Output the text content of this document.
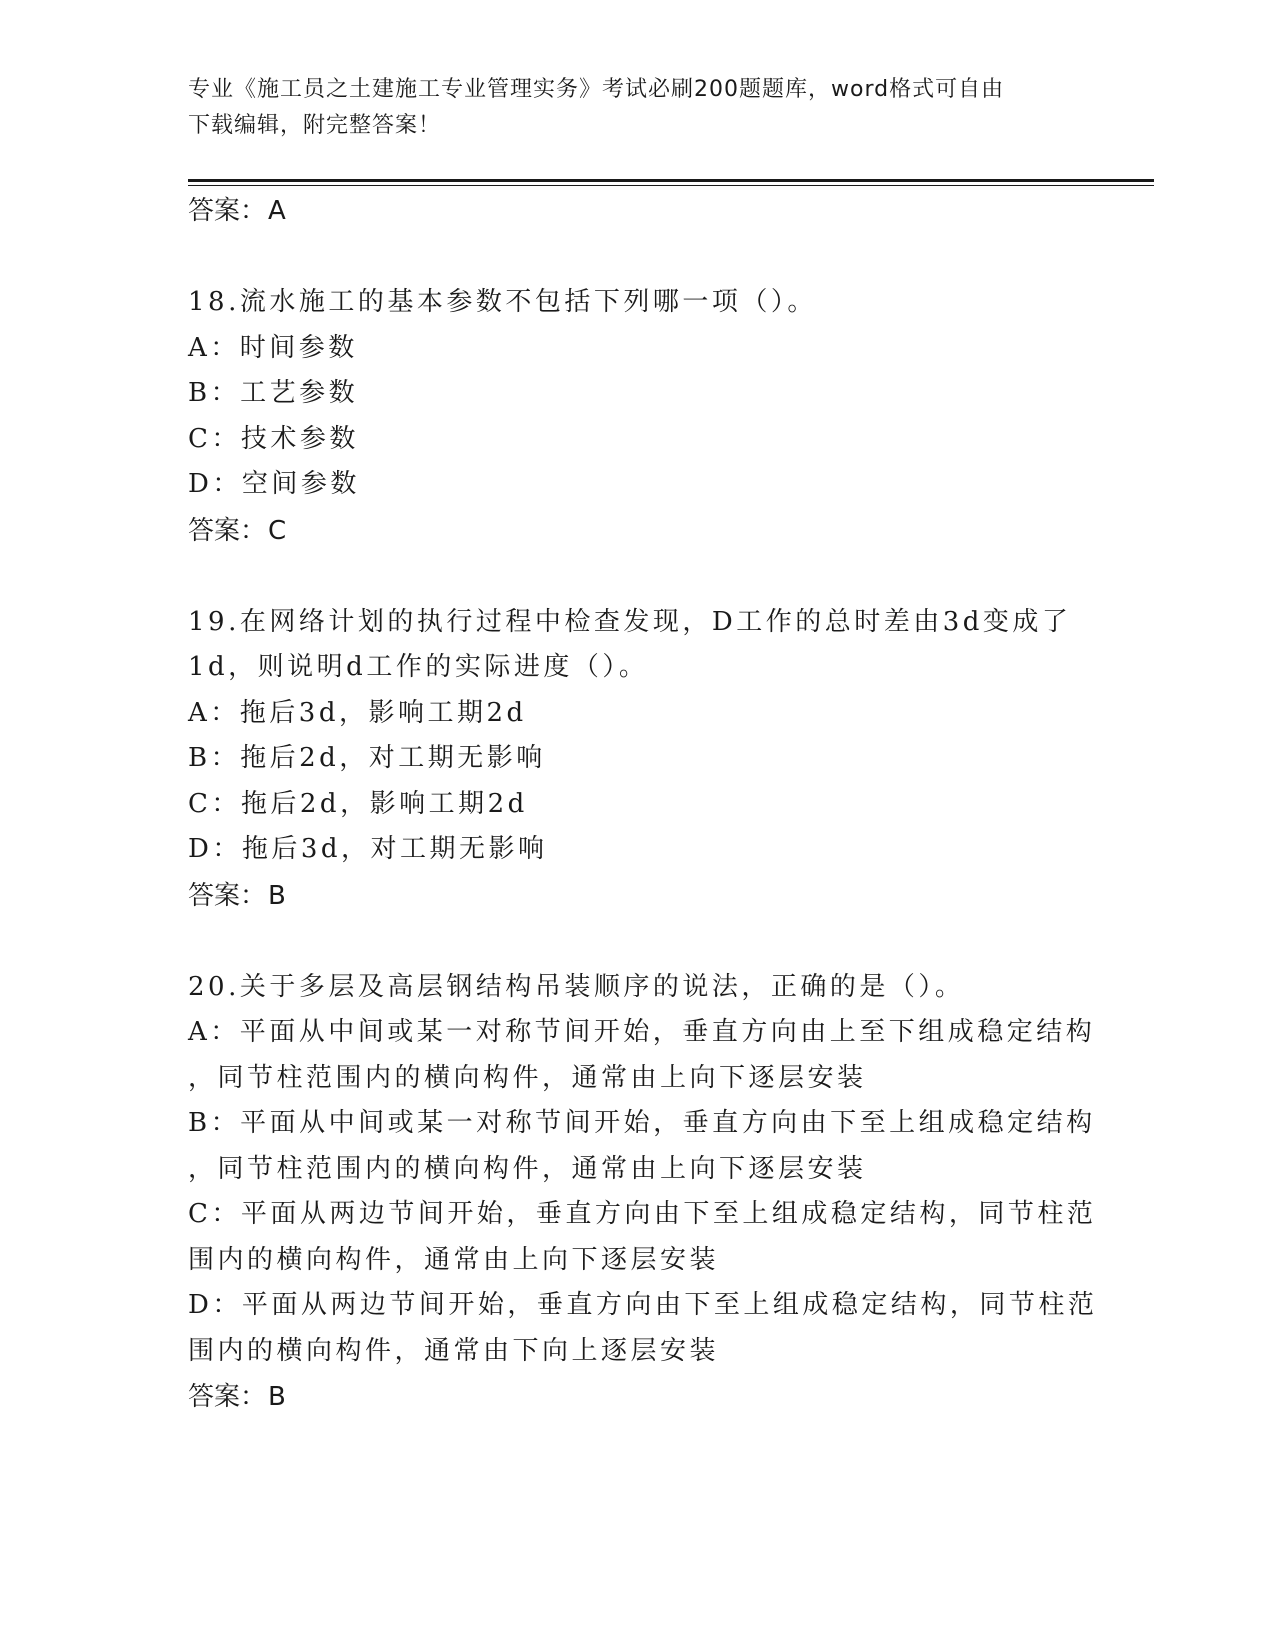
专业《施工员之土建施工专业管理实务》考试必刷200题题库，word格式可自由
下载编辑，附完整答案！
答案：A
18.流水施工的基本参数不包括下列哪一项（）。
A：时间参数
B：工艺参数
C：技术参数
D：空间参数
答案：C
19.在网络计划的执行过程中检查发现，D工作的总时差由3d变成了
1d，则说明d工作的实际进度（）。
A：拖后3d，影响工期2d
B：拖后2d，对工期无影响
C：拖后2d，影响工期2d
D：拖后3d，对工期无影响
答案：B
20.关于多层及高层钢结构吊装顺序的说法，正确的是（）。
A：平面从中间或某一对称节间开始，垂直方向由上至下组成稳定结构
，同节柱范围内的横向构件，通常由上向下逐层安装
B：平面从中间或某一对称节间开始，垂直方向由下至上组成稳定结构
，同节柱范围内的横向构件，通常由上向下逐层安装
C：平面从两边节间开始，垂直方向由下至上组成稳定结构，同节柱范
围内的横向构件，通常由上向下逐层安装
D：平面从两边节间开始，垂直方向由下至上组成稳定结构，同节柱范
围内的横向构件，通常由下向上逐层安装
答案：B
